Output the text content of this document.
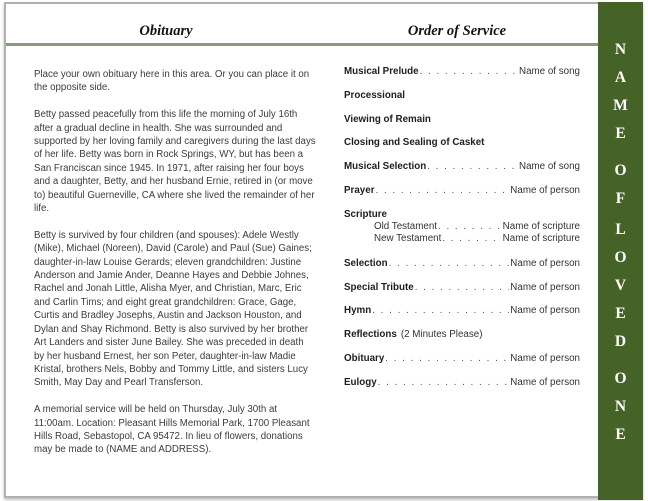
Obituary	Order of Service

Place your own obituary here in this area. Or you can place it on the opposite side.

Betty passed peacefully from this life the morning of July 16th after a gradual decline in health. She was surrounded and supported by her loving family and caregivers during the last days of her life. Betty was born in Rock Springs, WY, but has been a San Franciscan since 1945. In 1971, after raising her four boys and a daughter, Betty, and her husband Ernie, retired in (or move to) beautiful Guerneville, CA where she lived the remainder of her life.

Betty is survived by four children (and spouses): Adele Westly (Mike), Michael (Noreen), David (Carole) and Paul (Sue) Gaines; daughter-in-law Louise Gerards; eleven grandchildren: Justine Anderson and Jamie Ander, Deanne Hayes and Debbie Johnes, Rachel and Jonah Little, Alisha Myer, and Christian, Marc, Eric and Carlin Tims; and eight great grandchildren: Grace, Gage, Curtis and Bradley Josephs, Austin and Jackson Houston, and Dylan and Shay Richmond. Betty is also survived by her brother Art Landers and sister June Bailey. She was preceded in death by her husband Ernest, her son Peter, daughter-in-law Madie Kristal, brothers Nels, Bobby and Tommy Little, and sisters Lucy Smith, May Day and Pearl Transferson.

A memorial service will be held on Thursday, July 30th at 11:00am. Location: Pleasant Hills Memorial Park, 1700 Pleasant Hills Road, Sebastopol, CA 95472. In lieu of flowers, donations may be made to (NAME and ADDRESS).

Musical Prelude . . .	Name of song
Processional
Viewing of Remain
Closing and Sealing of Casket
Musical Selection . . .	Name of song
Prayer . . .	Name of person
Scripture
Old Testament . . .	Name of scripture
New Testament . . .	Name of scripture
Selection . . .	Name of person
Special Tribute . . .	Name of person
Hymn . . .	Name of person
Reflections (2 Minutes Please)
Obituary . . .	Name of person
Eulogy . . .	Name of person
N
A
M
E
O
F
L
O
V
E
D
O
N
E
